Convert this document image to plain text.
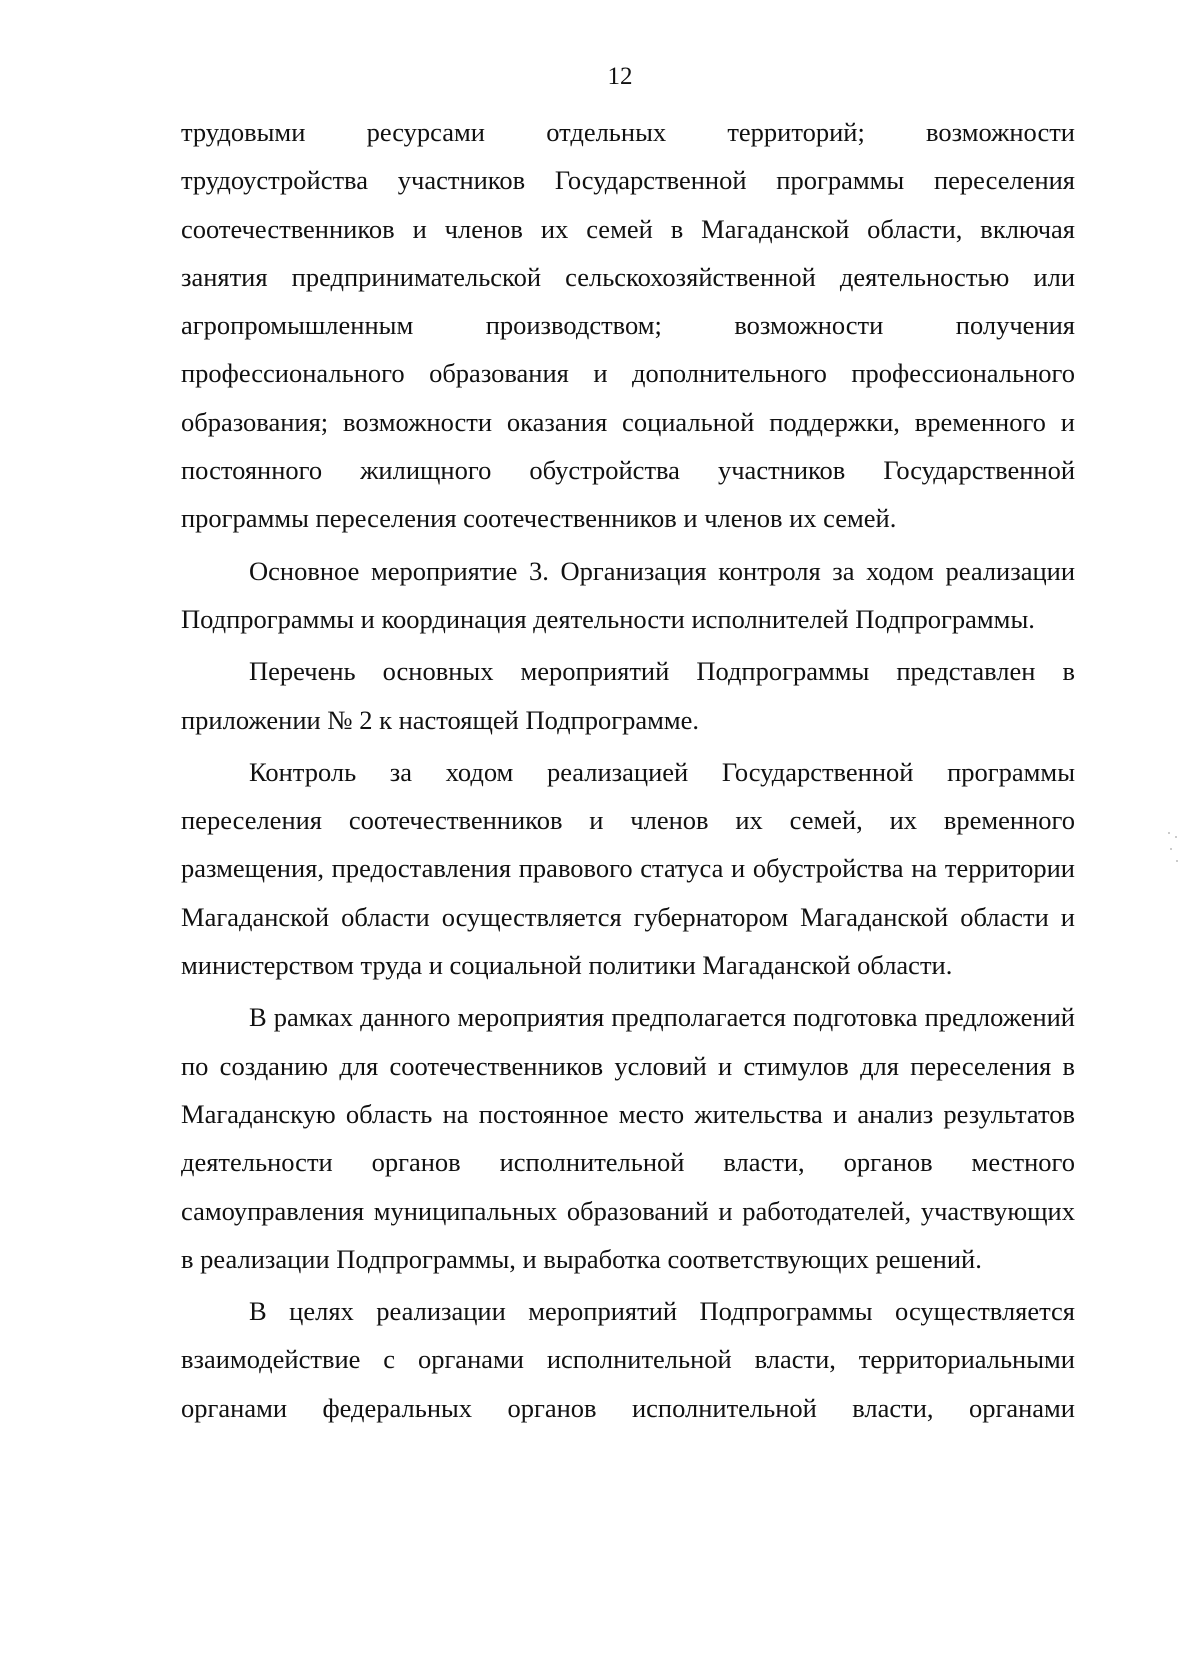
12

трудовыми ресурсами отдельных территорий; возможности
трудоустройства участников Государственной программы переселения соотечественников и членов их семей в Магаданской области, включая занятия предпринимательской сельскохозяйственной деятельностью или агропромышленным производством; возможности получения профессионального образования и дополнительного профессионального образования; возможности оказания социальной поддержки, временного и постоянного жилищного обустройства участников Государственной программы переселения соотечественников и членов их семей.

Основное мероприятие 3. Организация контроля за ходом реализации Подпрограммы и координация деятельности исполнителей Подпрограммы.

Перечень основных мероприятий Подпрограммы представлен в приложении № 2 к настоящей Подпрограмме.

Контроль за ходом реализацией Государственной программы переселения соотечественников и членов их семей, их временного размещения, предоставления правового статуса и обустройства на территории Магаданской области осуществляется губернатором Магаданской области и министерством труда и социальной политики Магаданской области.

В рамках данного мероприятия предполагается подготовка предложений по созданию для соотечественников условий и стимулов для переселения в Магаданскую область на постоянное место жительства и анализ результатов деятельности органов исполнительной власти, органов местного самоуправления муниципальных образований и работодателей, участвующих в реализации Подпрограммы, и выработка соответствующих решений.

В целях реализации мероприятий Подпрограммы осуществляется
взаимодействие с органами исполнительной власти, территориальными
органами федеральных органов исполнительной власти, органами
